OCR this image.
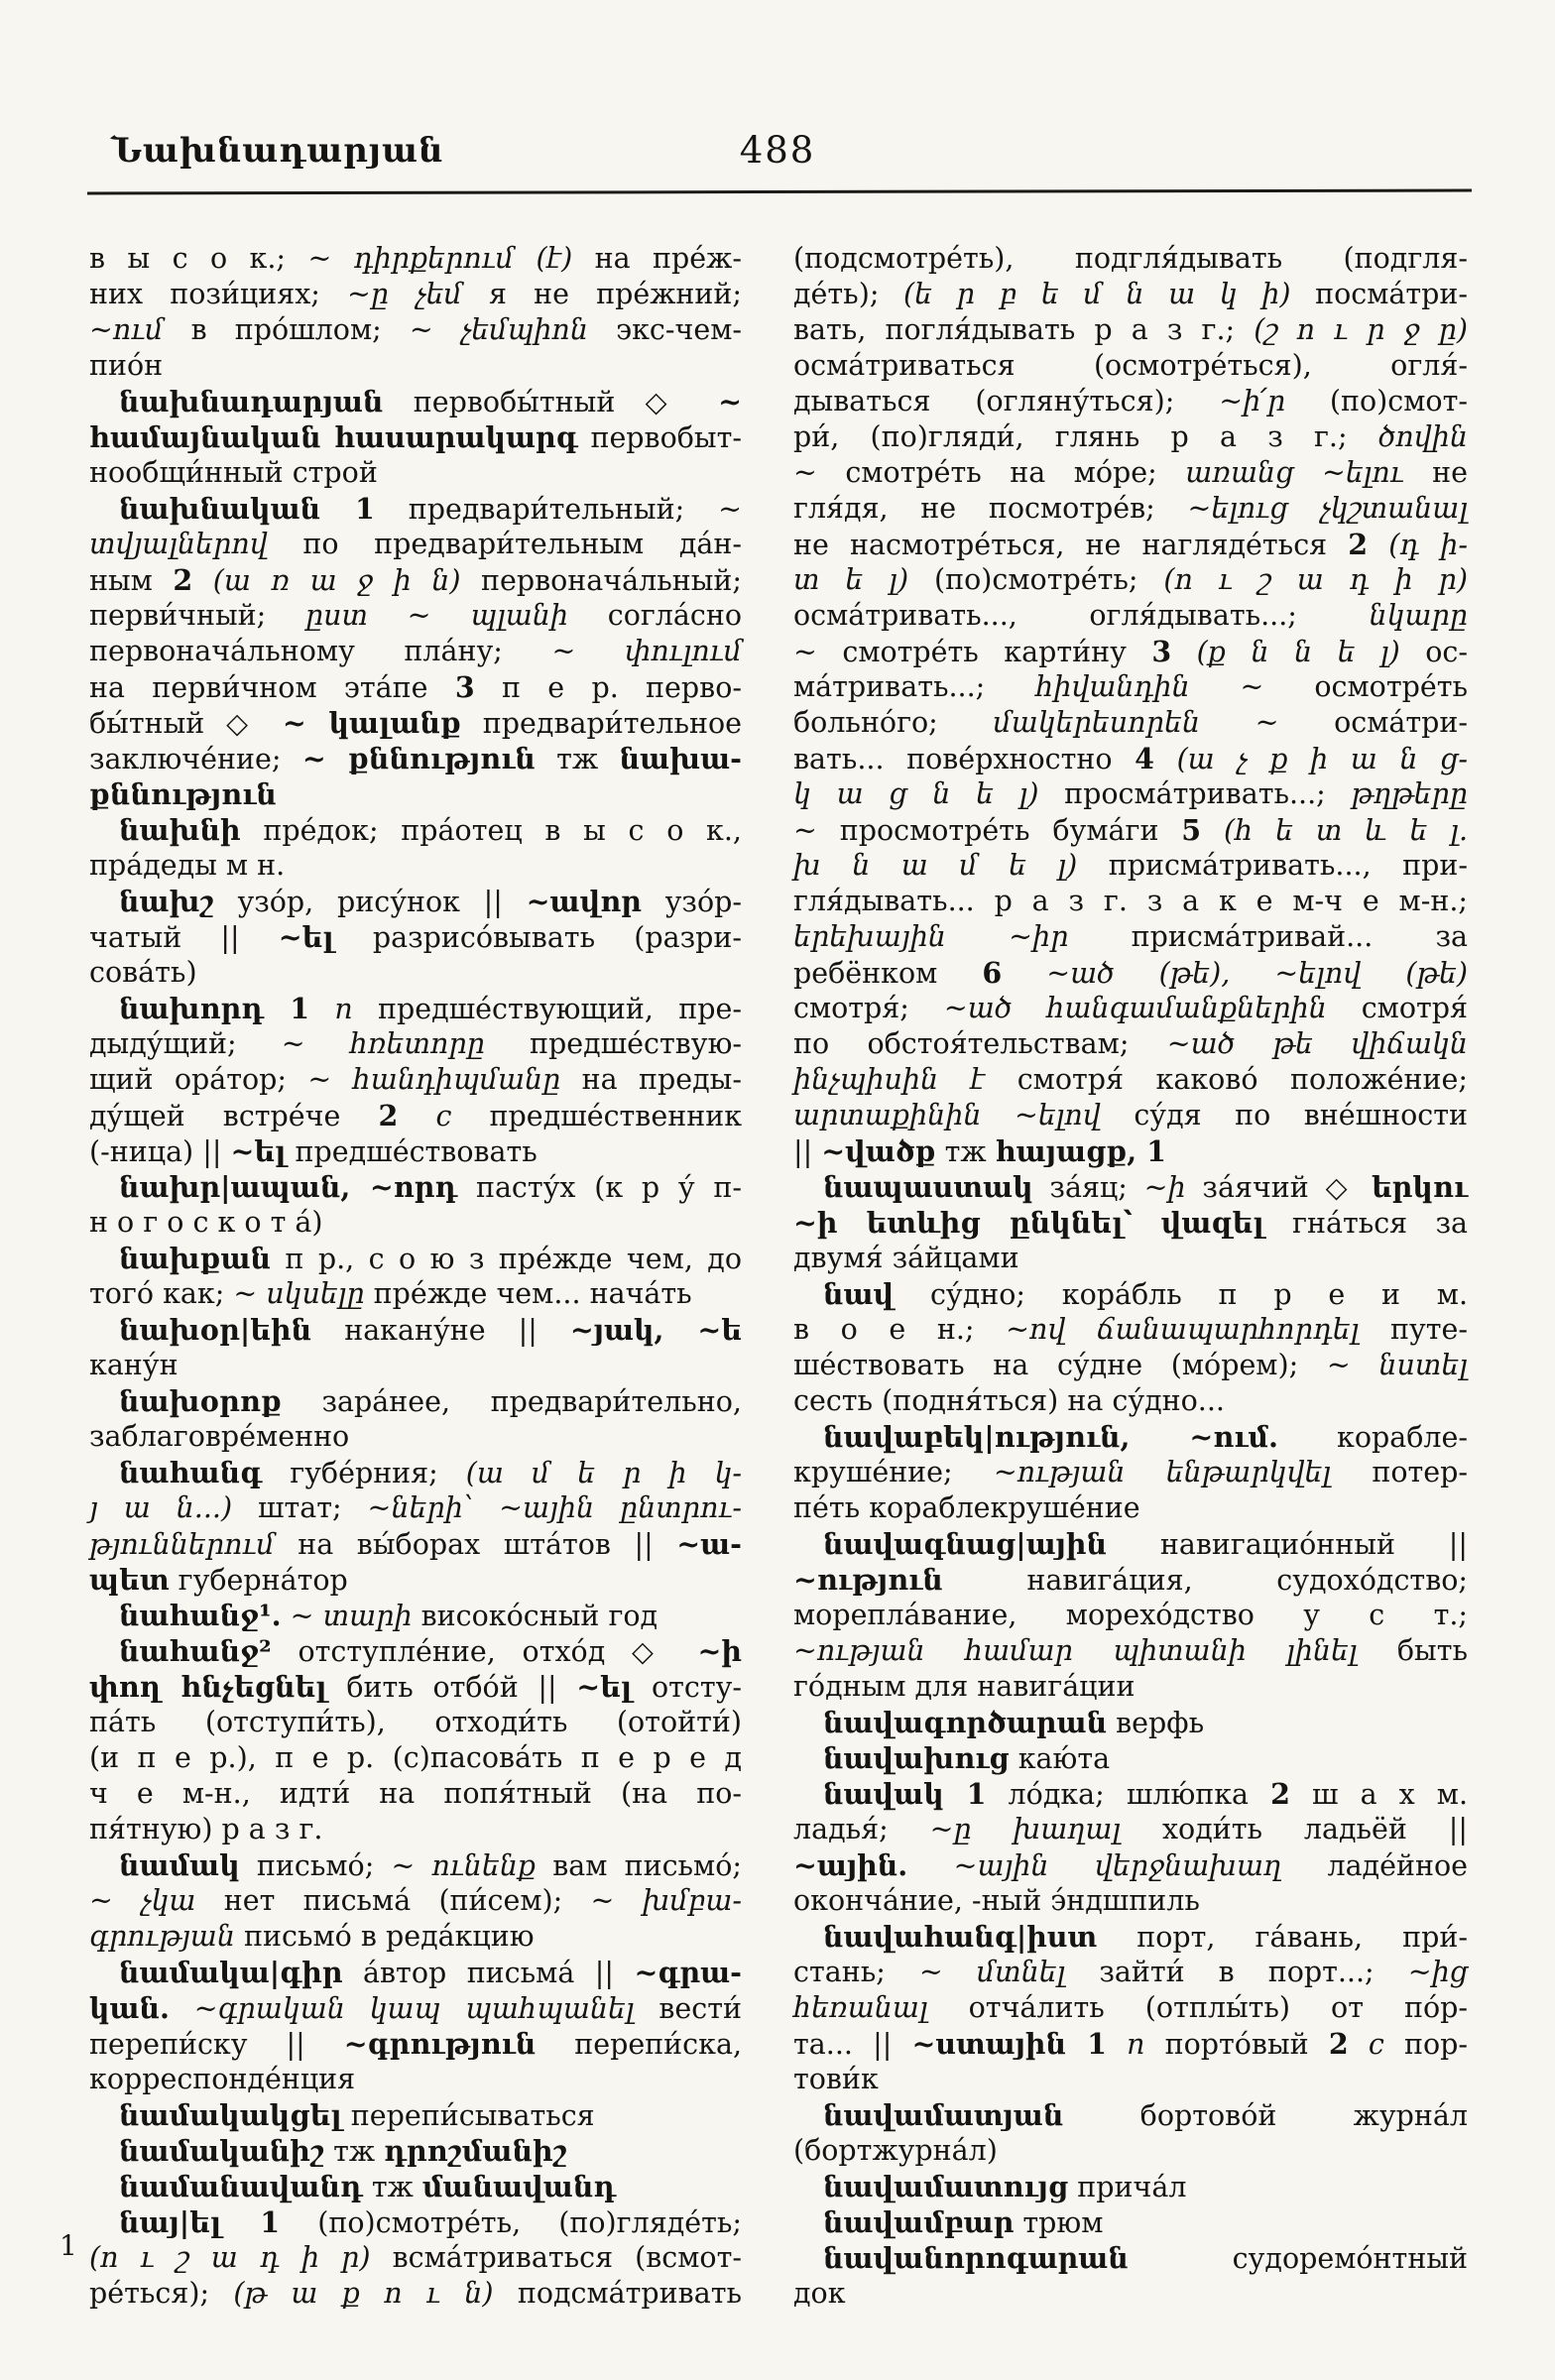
Նախնադարյան	488
в ы с о к.; ~ դիրքերում (է) на пре́ж-
них пози́циях; ~ը չեմ я не пре́жний;
~ում в про́шлом; ~ չեմպիոն экс-чем-
пио́н
նախնադարյան первобы́тный ◇ ~
համայնական հասարակարգ первобыт-
нообщи́нный строй
նախնական 1 предвари́тельный; ~
տվյալներով по предвари́тельным да́н-
ным 2 (ա ռ ա ջ ի ն) первонача́льный;
перви́чный; ըստ ~ պլանի согла́сно
первонача́льному пла́ну; ~ փուլում
на перви́чном эта́пе 3 п е р. перво-
бы́тный ◇ ~ կալանք предвари́тельное
заключе́ние; ~ քննություն тж նախա-
քննություն
նախնի пре́док; пра́отец в ы с о к.,
пра́деды м н.
նախշ узо́р, рису́нок || ~ավոր узо́р-
чатый || ~ել разрисо́вывать (разри-
сова́ть)
նախորդ 1 п предше́ствующий, пре-
дыду́щий; ~ հռետորը предше́ствую-
щий ора́тор; ~ հանդիպմանը на преды-
ду́щей встре́че 2 с предше́ственник
(-ница) || ~ել предше́ствовать
նախր|ապան, ~որդ пасту́х (к р у́ п-
н о г о с к о т а́)
նախքան п р., с о ю з пре́жде чем, до
того́ как; ~ սկսելը пре́жде чем... нача́ть
նախօր|եին накану́не || ~յակ, ~ե
кану́н
նախօրոք зара́нее, предвари́тельно,
заблаговре́менно
նահանգ губе́рния; (ա մ ե ր ի կ-
յ ա ն...) штат; ~ների՝ ~ային ընտրու-
թյուններում на вы́борах шта́тов || ~ա-
պետ губерна́тор
նահանջ¹. ~ տարի високо́сный год
նահանջ² отступле́ние, отхо́д ◇ ~ի
փող հնչեցնել бить отбо́й || ~ել отсту-
па́ть (отступи́ть), отходи́ть (отойти́)
(и п е р.), п е р. (с)пасова́ть п е р е д
ч е м-н., идти́ на попя́тный (на по-
пя́тную) р а з г.
նամակ письмо́; ~ ունենք вам письмо́;
~ չկա нет письма́ (пи́сем); ~ խմբա-
գրության письмо́ в реда́кцию
նամակա|գիր а́втор письма́ || ~գրա-
կան. ~գրական կապ պահպանել вести́
перепи́ску || ~գրություն перепи́ска,
корреспонде́нция
նամակակցել перепи́сываться
նամականիշ тж դրոշմանիշ
նամանավանդ тж մանավանդ
նայ|ել 1 (по)смотре́ть, (по)гляде́ть;
(ո ւ շ ա դ ի ր) всма́триваться (всмот-
ре́ться); (թ ա ք ո ւ ն) подсма́тривать
(подсмотре́ть), подгля́дывать (подгля-
де́ть); (ե ր բ ե մ ն ա կ ի) посма́три-
вать, погля́дывать р а з г.; (շ ո ւ ր ջ ը)
осма́триваться (осмотре́ться), огля́-
дываться (огляну́ться); ~ի՛ր (по)смот-
ри́, (по)гляди́, глянь р а з г.; ծովին
~ смотре́ть на мо́ре; առանց ~ելու не
гля́дя, не посмотре́в; ~ելուց չկշտանալ
не насмотре́ться, не нагляде́ться 2 (դ ի-
տ ե լ) (по)смотре́ть; (ո ւ շ ա դ ի ր)
осма́тривать..., огля́дывать...; նկարը
~ смотре́ть карти́ну 3 (ք ն ն ե լ) ос-
ма́тривать...; հիվանդին ~ осмотре́ть
больно́го; մակերեսորեն ~ осма́три-
вать... пове́рхностно 4 (ա չ ք ի ա ն ց-
կ ա ց ն ե լ) просма́тривать...; թղթերը
~ просмотре́ть бума́ги 5 (հ ե տ և ե լ.
խ ն ա մ ե լ) присма́тривать..., при-
гля́дывать... р а з г. з а к е м-ч е м-н.;
երեխային ~իր присма́тривай... за
ребёнком 6 ~ած (թե), ~ելով (թե)
смотря́; ~ած հանգամանքներին смотря́
по обстоя́тельствам; ~ած թե վիճակն
ինչպիսին է смотря́ каково́ положе́ние;
արտաքինին ~ելով су́дя по вне́шности
|| ~վածք тж հայացք, 1
նապաստակ за́яц; ~ի за́ячий ◇ երկու
~ի ետևից ընկնել՝ վազել гна́ться за
двумя́ за́йцами
նավ су́дно; кора́бль п р е и м.
в о е н.; ~ով ճանապարհորդել путе-
ше́ствовать на су́дне (мо́рем); ~ նստել
сесть (подня́ться) на су́дно...
նավաբեկ|ություն, ~ում. корабле-
круше́ние; ~ության ենթարկվել потер-
пе́ть кораблекруше́ние
նավագնաց|ային навигацио́нный ||
~ություն навига́ция, судохо́дство;
морепла́вание, морехо́дство у с т.;
~ության համար պիտանի լինել быть
го́дным для навига́ции
նավագործարան верфь
նավախուց каю́та
նավակ 1 ло́дка; шлю́пка 2 ш а х м.
ладья́; ~ը խաղալ ходи́ть ладьёй ||
~ային. ~ային վերջնախաղ ладе́йное
оконча́ние, -ный э́ндшпиль
նավահանգ|իստ порт, га́вань, при́-
стань; ~ մտնել зайти́ в порт...; ~ից
հեռանալ отча́лить (отплы́ть) от по́р-
та... || ~ստային 1 п порто́вый 2 с пор-
тови́к
նավամատյան бортово́й журна́л
(бортжурна́л)
նավամատույց прича́л
նավամբար трюм
նավանորոգարան судоремо́нтный
док
1
